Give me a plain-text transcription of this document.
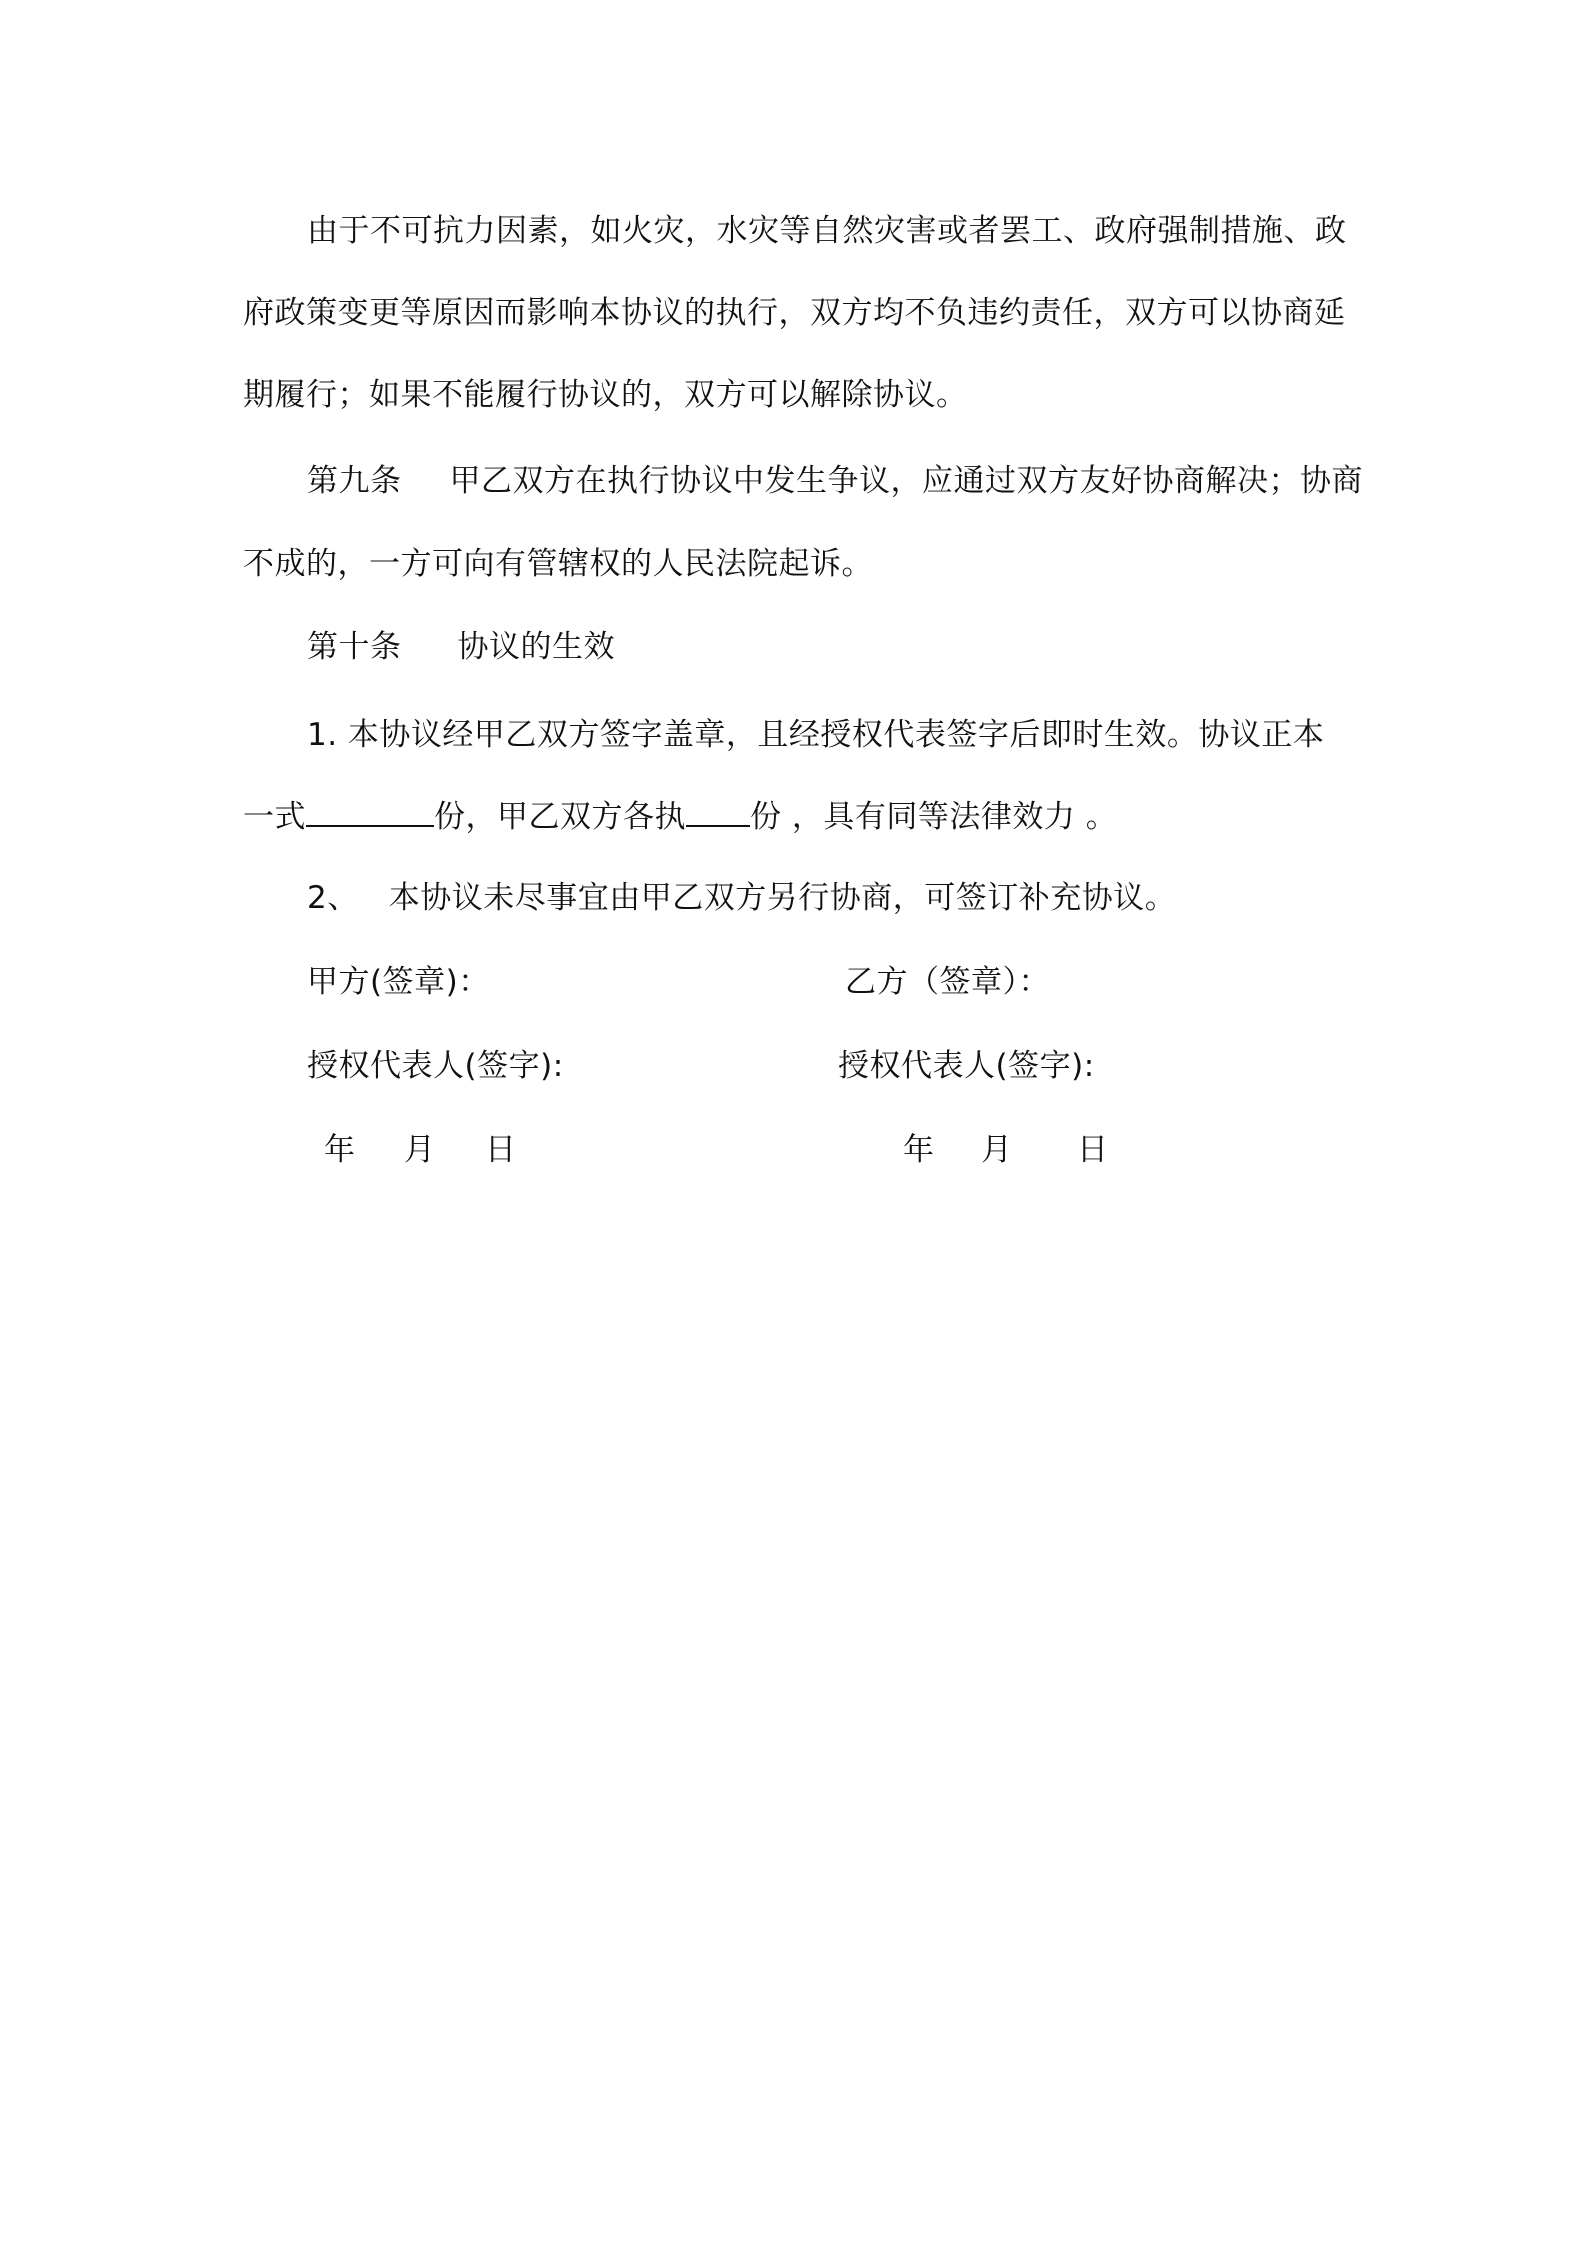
由于不可抗力因素，如火灾，水灾等自然灾害或者罢工、政府强制措施、政
府政策变更等原因而影响本协议的执行，双方均不负违约责任，双方可以协商延
期履行；如果不能履行协议的，双方可以解除协议。
第九条 甲乙双方在执行协议中发生争议，应通过双方友好协商解决；协商
不成的，一方可向有管辖权的人民法院起诉。
第十条 协议的生效
1. 本协议经甲乙双方签字盖章，且经授权代表签字后即时生效。协议正本
一式	份，甲乙双方各执 份 ，具有同等法律效力 。
2、 本协议未尽事宜由甲乙双方另行协商，可签订补充协议。
甲方(签章)：	乙方（签章）：
授权代表人(签字):	授权代表人(签字):
年 月 日	年 月 日
